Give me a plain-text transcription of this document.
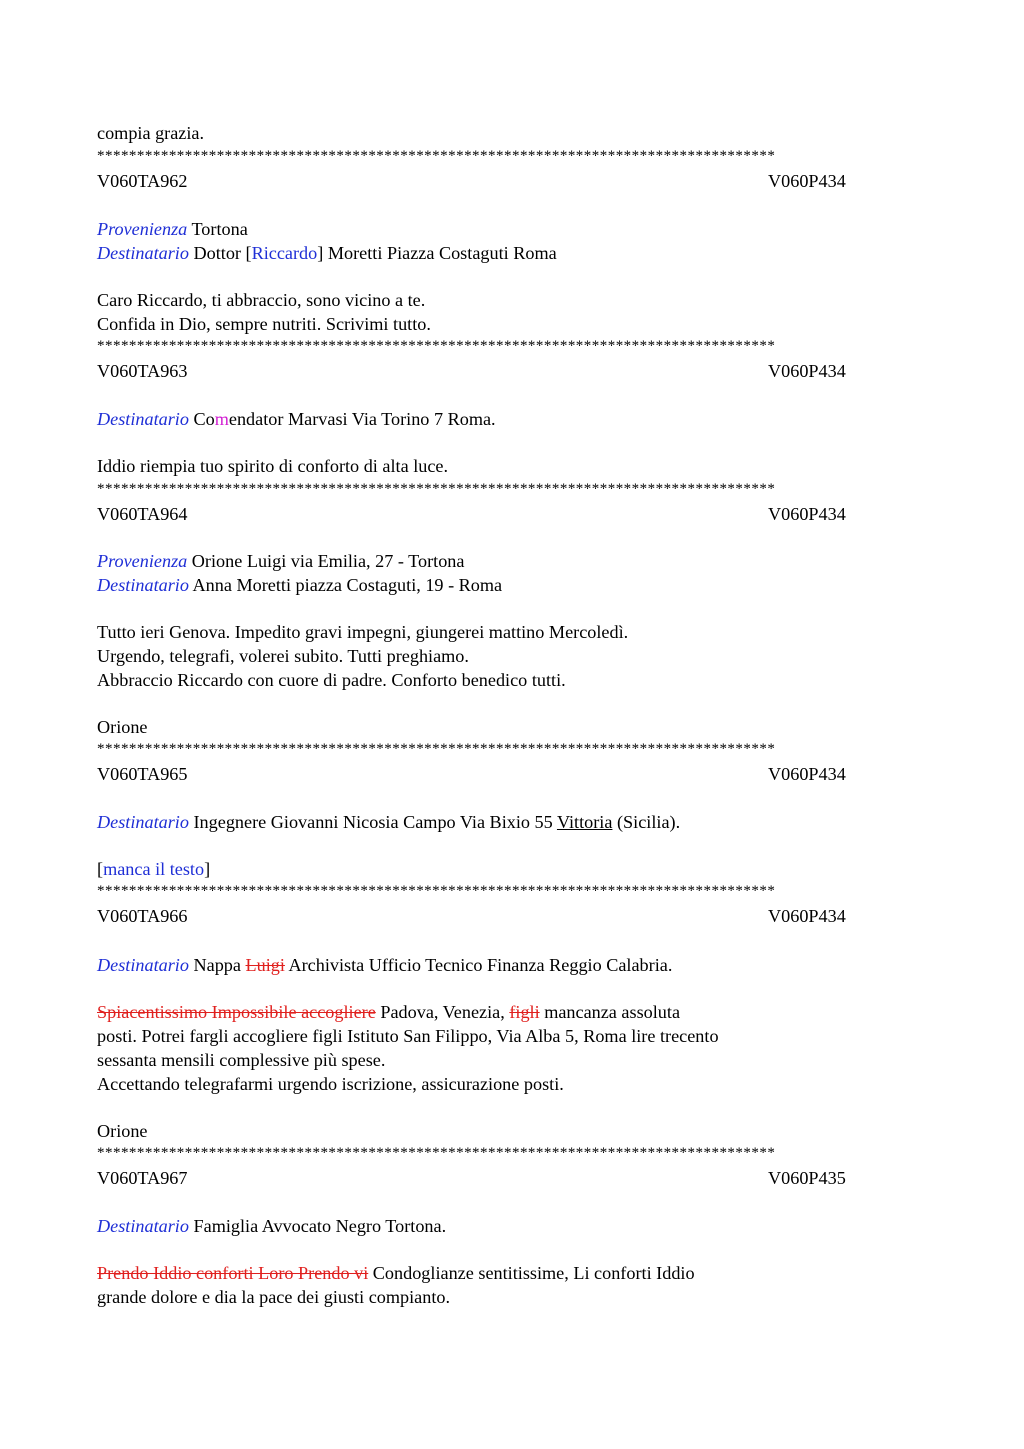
compia grazia.
*************************************************************************************
V060TA962	V060P434
Provenienza Tortona
Destinatario Dottor [Riccardo] Moretti Piazza Costaguti Roma
Caro Riccardo, ti abbraccio, sono vicino a te.
Confida in Dio, sempre nutriti. Scrivimi tutto.
*************************************************************************************
V060TA963	V060P434
Destinatario Comendator Marvasi Via Torino 7 Roma.
Iddio riempia tuo spirito di conforto di alta luce.
*************************************************************************************
V060TA964	V060P434
Provenienza Orione Luigi via Emilia, 27 - Tortona
Destinatario Anna Moretti piazza Costaguti, 19 - Roma
Tutto ieri Genova. Impedito gravi impegni, giungerei mattino Mercoledì.
Urgendo, telegrafi, volerei subito. Tutti preghiamo.
Abbraccio Riccardo con cuore di padre. Conforto benedico tutti.
Orione
*************************************************************************************
V060TA965	V060P434
Destinatario Ingegnere Giovanni Nicosia Campo Via Bixio 55 Vittoria (Sicilia).
[manca il testo]
*************************************************************************************
V060TA966	V060P434
Destinatario Nappa Luigi Archivista Ufficio Tecnico Finanza Reggio Calabria.
Spiacentissimo Impossibile accogliere Padova, Venezia, figli mancanza assoluta
posti. Potrei fargli accogliere figli Istituto San Filippo, Via Alba 5, Roma lire trecento
sessanta mensili complessive più spese.
Accettando telegrafarmi urgendo iscrizione, assicurazione posti.
Orione
*************************************************************************************
V060TA967	V060P435
Destinatario Famiglia Avvocato Negro Tortona.
Prendo Iddio conforti Loro Prendo vi Condoglianze sentitissime, Li conforti Iddio
grande dolore e dia la pace dei giusti compianto.
